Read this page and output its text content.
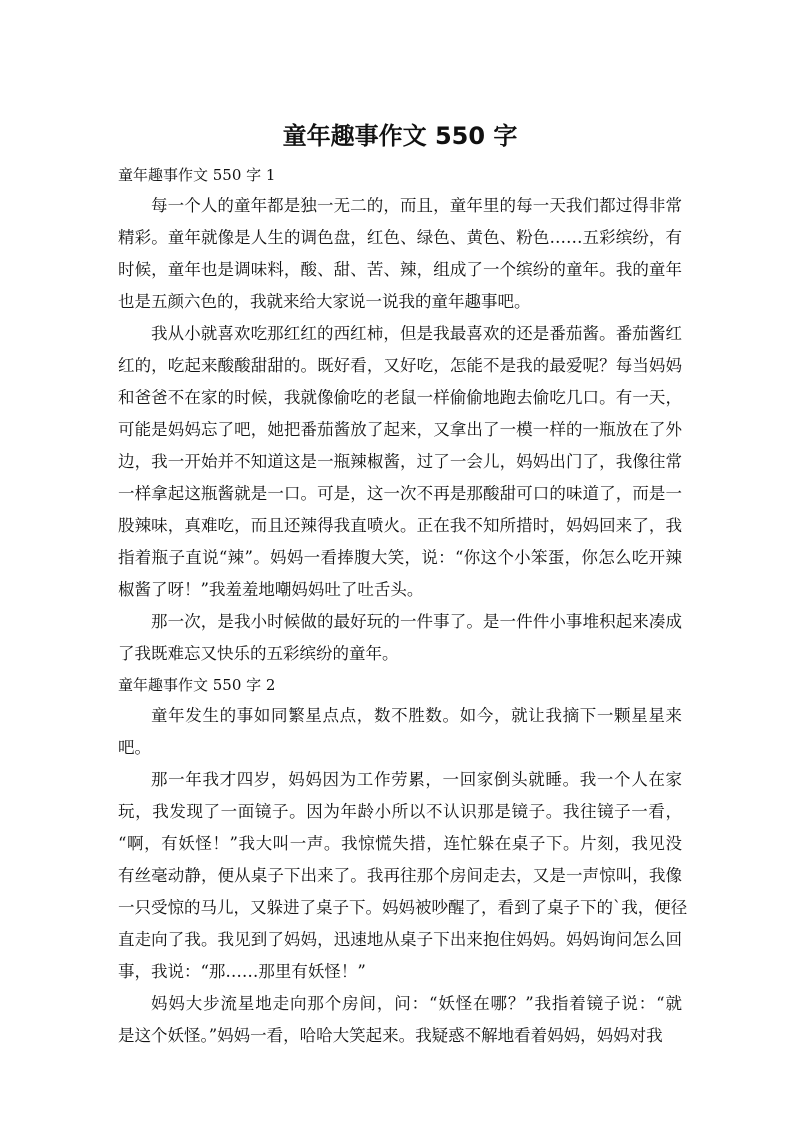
童年趣事作文 550 字

童年趣事作文 550 字 1

每一个人的童年都是独一无二的，而且，童年里的每一天我们都过得非常
精彩。童年就像是人生的调色盘，红色、绿色、黄色、粉色……五彩缤纷，有
时候，童年也是调味料，酸、甜、苦、辣，组成了一个缤纷的童年。我的童年
也是五颜六色的，我就来给大家说一说我的童年趣事吧。

我从小就喜欢吃那红红的西红柿，但是我最喜欢的还是番茄酱。番茄酱红
红的，吃起来酸酸甜甜的。既好看，又好吃，怎能不是我的最爱呢？每当妈妈
和爸爸不在家的时候，我就像偷吃的老鼠一样偷偷地跑去偷吃几口。有一天，
可能是妈妈忘了吧，她把番茄酱放了起来，又拿出了一模一样的一瓶放在了外
边，我一开始并不知道这是一瓶辣椒酱，过了一会儿，妈妈出门了，我像往常
一样拿起这瓶酱就是一口。可是，这一次不再是那酸甜可口的味道了，而是一
股辣味，真难吃，而且还辣得我直喷火。正在我不知所措时，妈妈回来了，我
指着瓶子直说“辣”。妈妈一看捧腹大笑，说：“你这个小笨蛋，你怎么吃开辣
椒酱了呀！”我羞羞地嘲妈妈吐了吐舌头。

那一次，是我小时候做的最好玩的一件事了。是一件件小事堆积起来凑成
了我既难忘又快乐的五彩缤纷的童年。

童年趣事作文 550 字 2

童年发生的事如同繁星点点，数不胜数。如今，就让我摘下一颗星星来
吧。

那一年我才四岁，妈妈因为工作劳累，一回家倒头就睡。我一个人在家
玩，我发现了一面镜子。因为年龄小所以不认识那是镜子。我往镜子一看，
“啊，有妖怪！”我大叫一声。我惊慌失措，连忙躲在桌子下。片刻，我见没
有丝毫动静，便从桌子下出来了。我再往那个房间走去，又是一声惊叫，我像
一只受惊的马儿，又躲进了桌子下。妈妈被吵醒了，看到了桌子下的`我，便径
直走向了我。我见到了妈妈，迅速地从桌子下出来抱住妈妈。妈妈询问怎么回
事，我说：“那……那里有妖怪！”

妈妈大步流星地走向那个房间，问：“妖怪在哪？”我指着镜子说：“就
是这个妖怪。”妈妈一看，哈哈大笑起来。我疑惑不解地看着妈妈，妈妈对我
